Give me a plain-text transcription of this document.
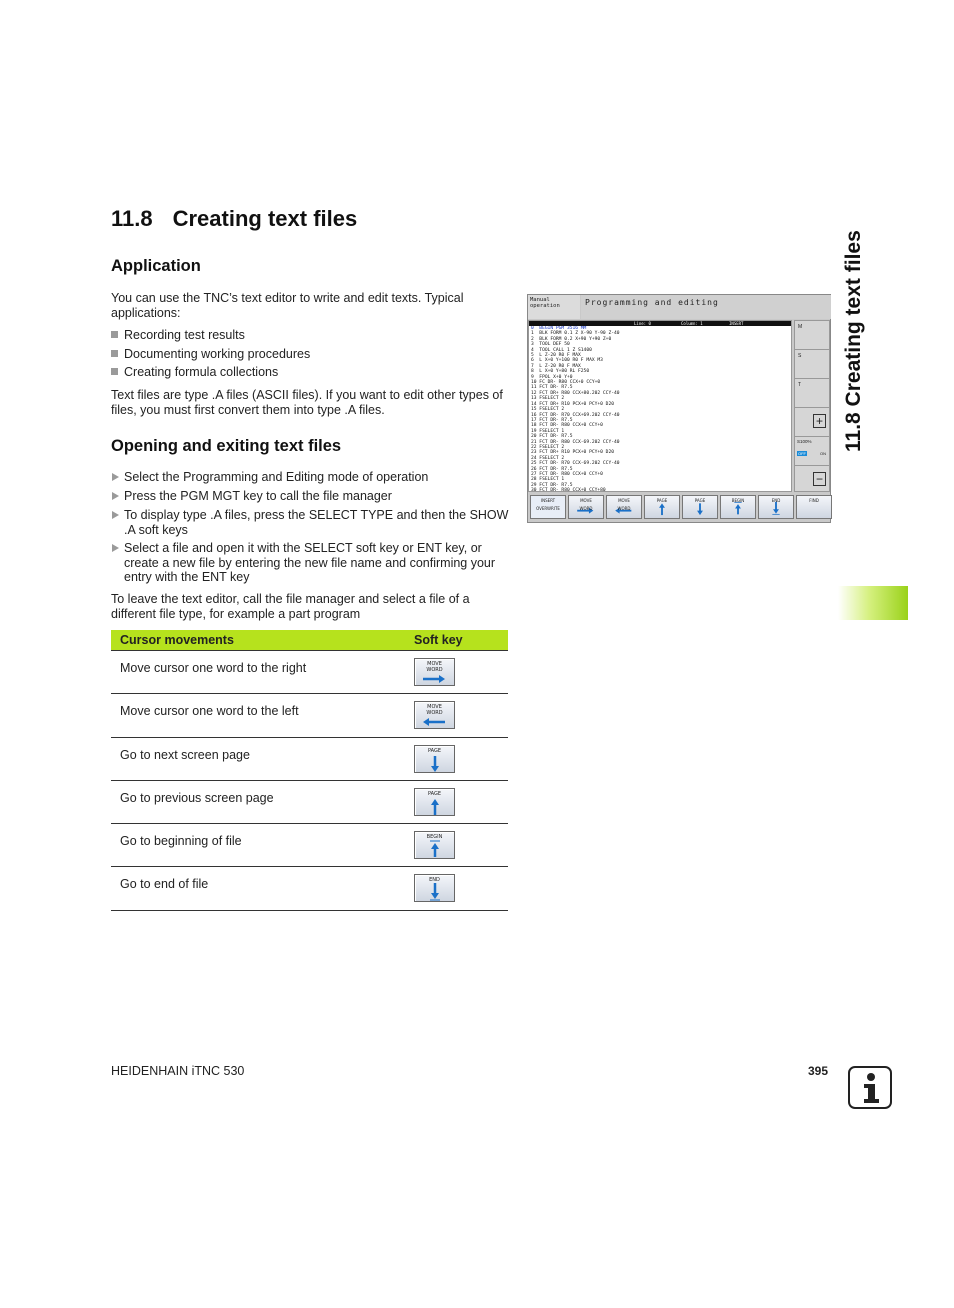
11.8 Creating text files
11.8 Creating text files
Application

You can use the TNC’s text editor to write and edit texts. Typical applications:

Recording test results
Documenting working procedures
Creating formula collections

Text files are type .A files (ASCII files). If you want to edit other types of files, you must first convert them into type .A files.

Opening and exiting text files
Select the Programming and Editing mode of operation
Press the PGM MGT key to call the file manager
To display type .A files, press the SELECT TYPE and then the SHOW .A soft keys
Select a file and open it with the SELECT soft key or ENT key, or create a new file by entering the new file name and confirming your entry with the ENT key

To leave the text editor, call the file manager and select a file of a different file type, for example a part program

Cursor movements	Soft key
Move cursor one word to the right	MOVE
WORD
Move cursor one word to the left	MOVE
WORD
Go to next screen page	PAGE
Go to previous screen page	PAGE
Go to beginning of file	BEGIN
Go to end of file	END
Manual
operation	Programming and editing
Line: 0	Column: 1	INSERT
0  BEGIN PGM 3516 MM
1  BLK FORM 0.1 Z X-90 Y-90 Z-40
2  BLK FORM 0.2 X+90 Y+90 Z+0
3  TOOL DEF 50
4  TOOL CALL 1 Z S1400
5  L Z-20 R0 F MAX
6  L X+0 Y+100 R0 F MAX M3
7  L Z-20 R0 F MAX
8  L X+0 Y+80 RL F250
9  FPOL X+0 Y+0
10 FC DR- R80 CCX+0 CCY+0
11 FCT DR- R7.5
12 FCT DR+ R80 CCX+80.202 CCY-40
13 FSELECT 2
14 FCT DR+ R10 PCX+0 PCY+0 D20
15 FSELECT 2
16 FCT DR- R70 CCX+69.202 CCY-40
17 FCT DR- R7.5
18 FCT DR- R80 CCX+0 CCY+0
19 FSELECT 1
20 FCT DR- R7.5
21 FCT DR- R80 CCX-69.202 CCY-40
22 FSELECT 2
23 FCT DR+ R10 PCX+0 PCY+0 D20
24 FSELECT 2
25 FCT DR- R70 CCX-69.202 CCY-40
26 FCT DR- R7.5
27 FCT DR- R80 CCX+0 CCY+0
28 FSELECT 1
29 FCT DR- R7.5
30 FCT DR- R80 CCX+0 CCY+80
M
S
T
+
S100%
OFF	ON
−
INSERT
OVERWRITE
MOVE
WORD
MOVE
WORD
PAGE	PAGE	BEGIN	END	FIND
HEIDENHAIN iTNC 530	395
